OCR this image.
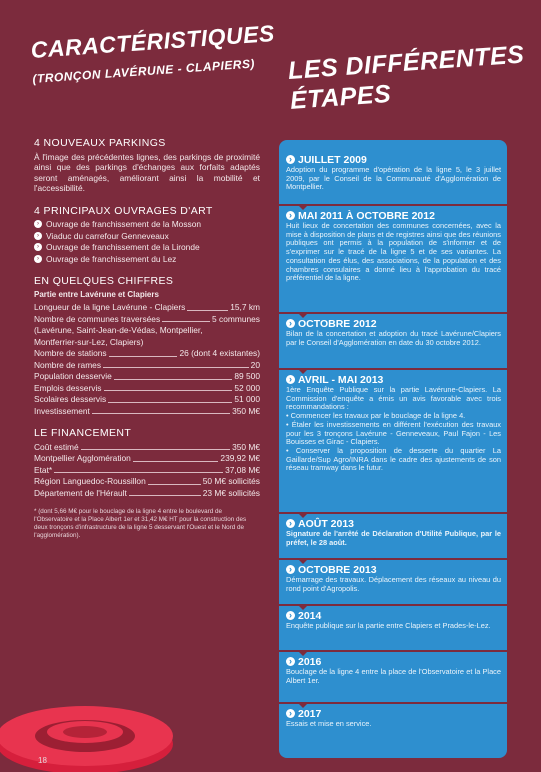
CARACTÉRISTIQUES
(TRONÇON LAVÉRUNE - CLAPIERS) LES DIFFÉRENTES
ÉTAPES
4 NOUVEAUX PARKINGS
À l'image des précédentes lignes, des parkings de proximité ainsi que des parkings d'échanges aux forfaits adaptés seront aménagés, améliorant ainsi la mobilité et l'accessibilité.
4 PRINCIPAUX OUVRAGES D'ART
› Ouvrage de franchissement de la Mosson
› Viaduc du carrefour Genneveaux
› Ouvrage de franchissement de la Lironde
› Ouvrage de franchissement du Lez
EN QUELQUES CHIFFRES
Partie entre Lavérune et Clapiers
Longueur de la ligne Lavérune - Clapiers	15,7 km
Nombre de communes traversées	5 communes
(Lavérune, Saint-Jean-de-Védas, Montpellier,
Montferrier-sur-Lez, Clapiers)
Nombre de stations	26 (dont 4 existantes)
Nombre de rames	20
Population desservie	89 500
Emplois desservis	52 000
Scolaires desservis	51 000
Investissement	350 M€
LE FINANCEMENT
Coût estimé	350 M€
Montpellier Agglomération	239,92 M€
Etat*	37,08 M€
Région Languedoc-Roussillon	50 M€ sollicités
Département de l'Hérault	23 M€ sollicités
* (dont 5,66 M€ pour le bouclage de la ligne 4 entre le boulevard de l'Observatoire et la Place Albert 1er et 31,42 M€ HT pour la construction des deux tronçons d'infrastructure de la ligne 5 desservant l'Ouest et le Nord de l'agglomération).
› JUILLET 2009
Adoption du programme d'opération de la ligne 5, le 3 juillet 2009, par le Conseil de la Communauté d'Agglomération de Montpellier.
› MAI 2011 À OCTOBRE 2012
Huit lieux de concertation des communes concernées, avec la mise à disposition de plans et de registres ainsi que des réunions publiques ont permis à la population de s'informer et de s'exprimer sur le tracé de la ligne 5 et de ses variantes. La consultation des élus, des associations, de la population et des chambres consulaires a donné lieu à l'approbation du tracé préférentiel de la ligne.
› OCTOBRE 2012
Bilan de la concertation et adoption du tracé Lavérune/Clapiers par le Conseil d'Agglomération en date du 30 octobre 2012.
› AVRIL - MAI 2013
1ère Enquête Publique sur la partie Lavérune-Clapiers. La Commission d'enquête a émis un avis favorable avec trois recommandations :
• Commencer les travaux par le bouclage de la ligne 4.
• Étaler les investissements en différent l'exécution des travaux pour les 3 tronçons Lavérune - Genneveaux, Paul Fajon - Les Bouisses et Girac - Clapiers.
• Conserver la proposition de desserte du quartier La Gaillarde/Sup Agro/INRA dans le cadre des ajustements de son réseau tramway dans le futur.
› AOÛT 2013
Signature de l'arrêté de Déclaration d'Utilité Publique, par le préfet, le 28 août.
› OCTOBRE 2013
Démarrage des travaux. Déplacement des réseaux au niveau du rond point d'Agropolis.
› 2014
Enquête publique sur la partie entre Clapiers et Prades-le-Lez.
› 2016
Bouclage de la ligne 4 entre la place de l'Observatoire et la Place Albert 1er.
› 2017
Essais et mise en service.
18
